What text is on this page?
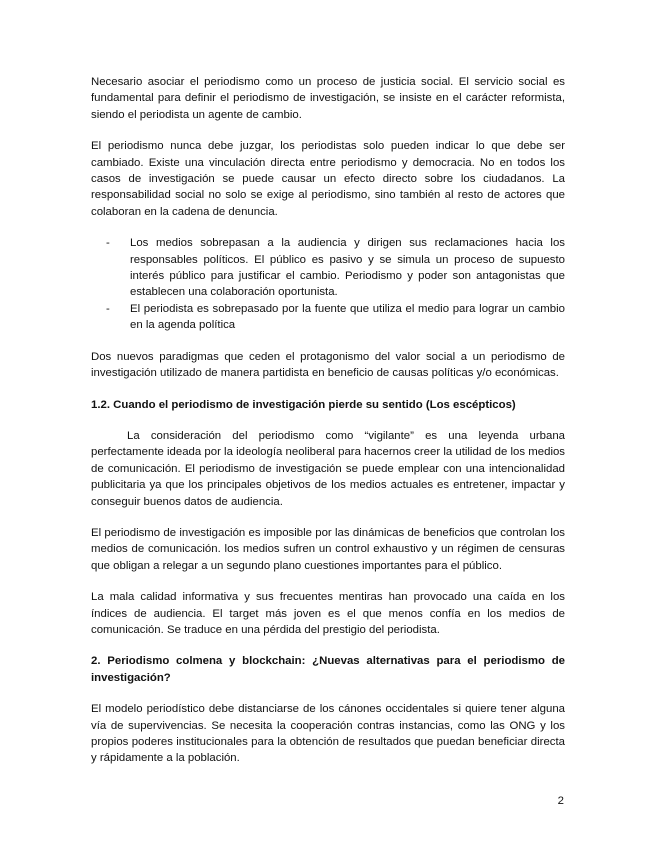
Necesario asociar el periodismo como un proceso de justicia social. El servicio social es fundamental para definir el periodismo de investigación, se insiste en el carácter reformista, siendo el periodista un agente de cambio.

El periodismo nunca debe juzgar, los periodistas solo pueden indicar lo que debe ser cambiado. Existe una vinculación directa entre periodismo y democracia. No en todos los casos de investigación se puede causar un efecto directo sobre los ciudadanos. La responsabilidad social no solo se exige al periodismo, sino también al resto de actores que colaboran en la cadena de denuncia.

- Los medios sobrepasan a la audiencia y dirigen sus reclamaciones hacia los responsables políticos. El público es pasivo y se simula un proceso de supuesto interés público para justificar el cambio. Periodismo y poder son antagonistas que establecen una colaboración oportunista.
- El periodista es sobrepasado por la fuente que utiliza el medio para lograr un cambio en la agenda política

Dos nuevos paradigmas que ceden el protagonismo del valor social a un periodismo de investigación utilizado de manera partidista en beneficio de causas políticas y/o económicas.

1.2. Cuando el periodismo de investigación pierde su sentido (Los escépticos)

La consideración del periodismo como “vigilante” es una leyenda urbana perfectamente ideada por la ideología neoliberal para hacernos creer la utilidad de los medios de comunicación. El periodismo de investigación se puede emplear con una intencionalidad publicitaria ya que los principales objetivos de los medios actuales es entretener, impactar y conseguir buenos datos de audiencia.

El periodismo de investigación es imposible por las dinámicas de beneficios que controlan los medios de comunicación. los medios sufren un control exhaustivo y un régimen de censuras que obligan a relegar a un segundo plano cuestiones importantes para el público.

La mala calidad informativa y sus frecuentes mentiras han provocado una caída en los índices de audiencia. El target más joven es el que menos confía en los medios de comunicación. Se traduce en una pérdida del prestigio del periodista.

2. Periodismo colmena y blockchain: ¿Nuevas alternativas para el periodismo de investigación?

El modelo periodístico debe distanciarse de los cánones occidentales si quiere tener alguna vía de supervivencias. Se necesita la cooperación contras instancias, como las ONG y los propios poderes institucionales para la obtención de resultados que puedan beneficiar directa y rápidamente a la población.

2
